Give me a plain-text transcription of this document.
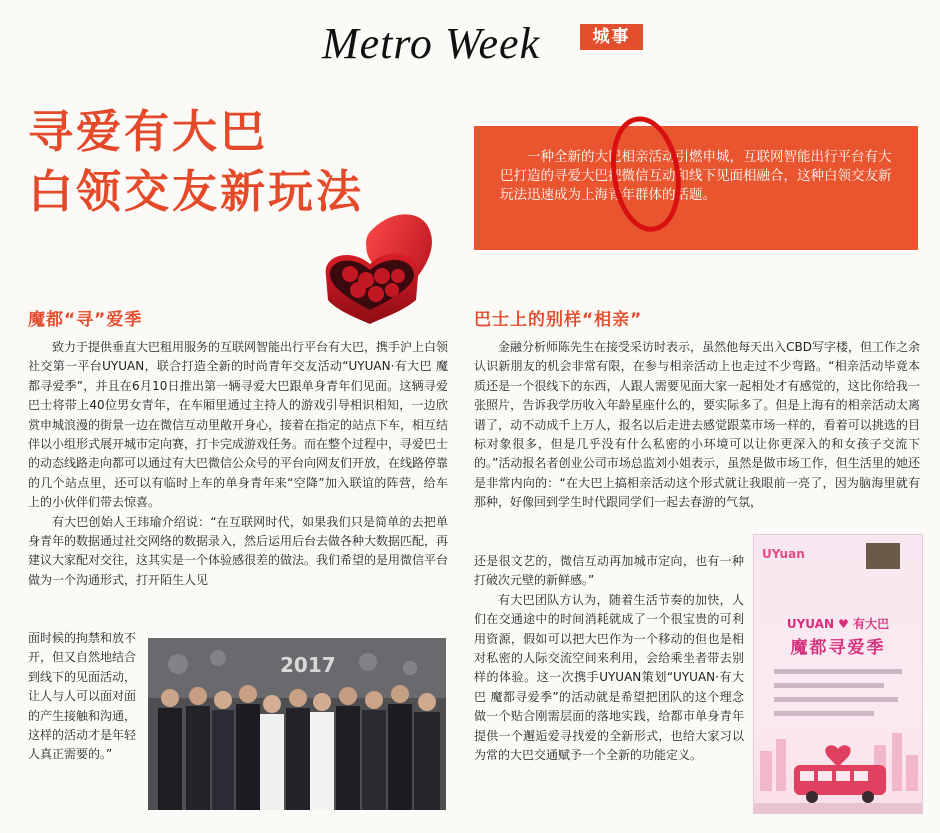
Metro Week	城事
寻爱有大巴
白领交友新玩法

一种全新的大巴相亲活动引燃申城，互联网智能出行平台有大巴打造的寻爱大巴把微信互动和线下见面相融合，这种白领交友新玩法迅速成为上海青年群体的话题。

魔都“寻”爱季

致力于提供垂直大巴租用服务的互联网智能出行平台有大巴，携手沪上白领社交第一平台UYUAN，联合打造全新的时尚青年交友活动“UYUAN·有大巴 魔都寻爱季”，并且在6月10日推出第一辆寻爱大巴跟单身青年们见面。这辆寻爱巴士将带上40位男女青年，在车厢里通过主持人的游戏引导相识相知，一边欣赏申城浪漫的街景一边在微信互动里敞开身心，接着在指定的站点下车，相互结伴以小组形式展开城市定向赛，打卡完成游戏任务。而在整个过程中，寻爱巴士的动态线路走向都可以通过有大巴微信公众号的平台向网友们开放，在线路停靠的几个站点里，还可以有临时上车的单身青年来“空降”加入联谊的阵营，给车上的小伙伴们带去惊喜。

有大巴创始人王玮瑜介绍说：“在互联网时代，如果我们只是简单的去把单身青年的数据通过社交网络的数据录入，然后运用后台去做各种大数据匹配，再建议大家配对交往，这其实是一个体验感很差的做法。我们希望的是用微信平台做为一个沟通形式，打开陌生人见

面时候的拘禁和放不开，但又自然地结合到线下的见面活动，让人与人可以面对面的产生接触和沟通，这样的活动才是年轻人真正需要的。”

2017
巴士上的别样“相亲”

金融分析师陈先生在接受采访时表示，虽然他每天出入CBD写字楼，但工作之余认识新朋友的机会非常有限，在参与相亲活动上也走过不少弯路。“相亲活动毕竟本质还是一个很线下的东西，人跟人需要见面大家一起相处才有感觉的，这比你给我一张照片，告诉我学历收入年龄星座什么的，要实际多了。但是上海有的相亲活动太离谱了，动不动成千上万人，报名以后走进去感觉跟菜市场一样的，看着可以挑选的目标对象很多，但是几乎没有什么私密的小环境可以让你更深入的和女孩子交流下的。”活动报名者创业公司市场总监刘小姐表示，虽然是做市场工作，但生活里的她还是非常内向的：“在大巴上搞相亲活动这个形式就让我眼前一亮了，因为脑海里就有那种，好像回到学生时代跟同学们一起去春游的气氛，

还是很文艺的，微信互动再加城市定向，也有一种打破次元壁的新鲜感。”

有大巴团队方认为，随着生活节奏的加快，人们在交通途中的时间消耗就成了一个很宝贵的可利用资源，假如可以把大巴作为一个移动的但也是相对私密的人际交流空间来利用，会给乘坐者带去别样的体验。这一次携手UYUAN策划“UYUAN·有大巴 魔都寻爱季”的活动就是希望把团队的这个理念做一个贴合刚需层面的落地实践，给都市单身青年提供一个邂逅爱寻找爱的全新形式，也给大家习以为常的大巴交通赋予一个全新的功能定义。

UYuan
UYUAN ♥ 有大巴
魔都寻爱季
